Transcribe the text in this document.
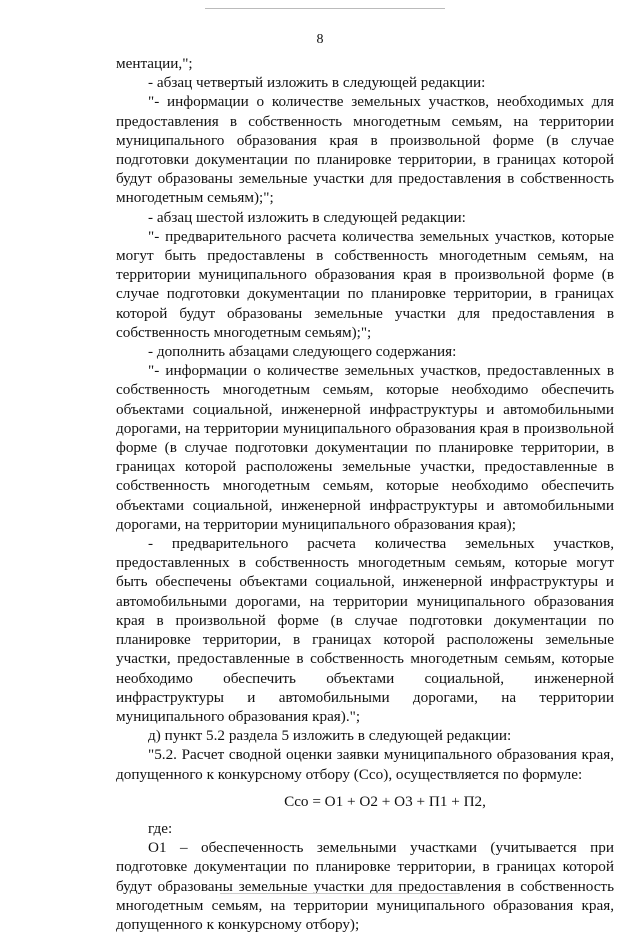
8

ментации,";

- абзац четвертый изложить в следующей редакции:

"- информации о количестве земельных участков, необходимых для предоставления в собственность многодетным семьям, на территории муниципального образования края в произвольной форме (в случае подготовки документации по планировке территории, в границах которой будут образованы земельные участки для предоставления в собственность многодетным семьям);";

- абзац шестой изложить в следующей редакции:

"- предварительного расчета количества земельных участков, которые могут быть предоставлены в собственность многодетным семьям, на территории муниципального образования края в произвольной форме (в случае подготовки документации по планировке территории, в границах которой будут образованы земельные участки для предоставления в собственность многодетным семьям);";

- дополнить абзацами следующего содержания:

"- информации о количестве земельных участков, предоставленных в собственность многодетным семьям, которые необходимо обеспечить объектами социальной, инженерной инфраструктуры и автомобильными дорогами, на территории муниципального образования края в произвольной форме (в случае подготовки документации по планировке территории, в границах которой расположены земельные участки, предоставленные в собственность многодетным семьям, которые необходимо обеспечить объектами социальной, инженерной инфраструктуры и автомобильными дорогами, на территории муниципального образования края);

- предварительного расчета количества земельных участков, предоставленных в собственность многодетным семьям, которые могут быть обеспечены объектами социальной, инженерной инфраструктуры и автомобильными дорогами, на территории муниципального образования края в произвольной форме (в случае подготовки документации по планировке территории, в границах которой расположены земельные участки, предоставленные в собственность многодетным семьям, которые необходимо обеспечить объектами социальной, инженерной инфраструктуры и автомобильными дорогами, на территории муниципального образования края).";

д) пункт 5.2 раздела 5 изложить в следующей редакции:

"5.2. Расчет сводной оценки заявки муниципального образования края, допущенного к конкурсному отбору (Cсо), осуществляется по формуле:

Cсо = О1 + О2 + О3 + П1 + П2,

где:

О1 – обеспеченность земельными участками (учитывается при подготовке документации по планировке территории, в границах которой будут образованы земельные участки для предоставления в собственность многодетным семьям, на территории муниципального образования края, допущенного к конкурсному отбору);
